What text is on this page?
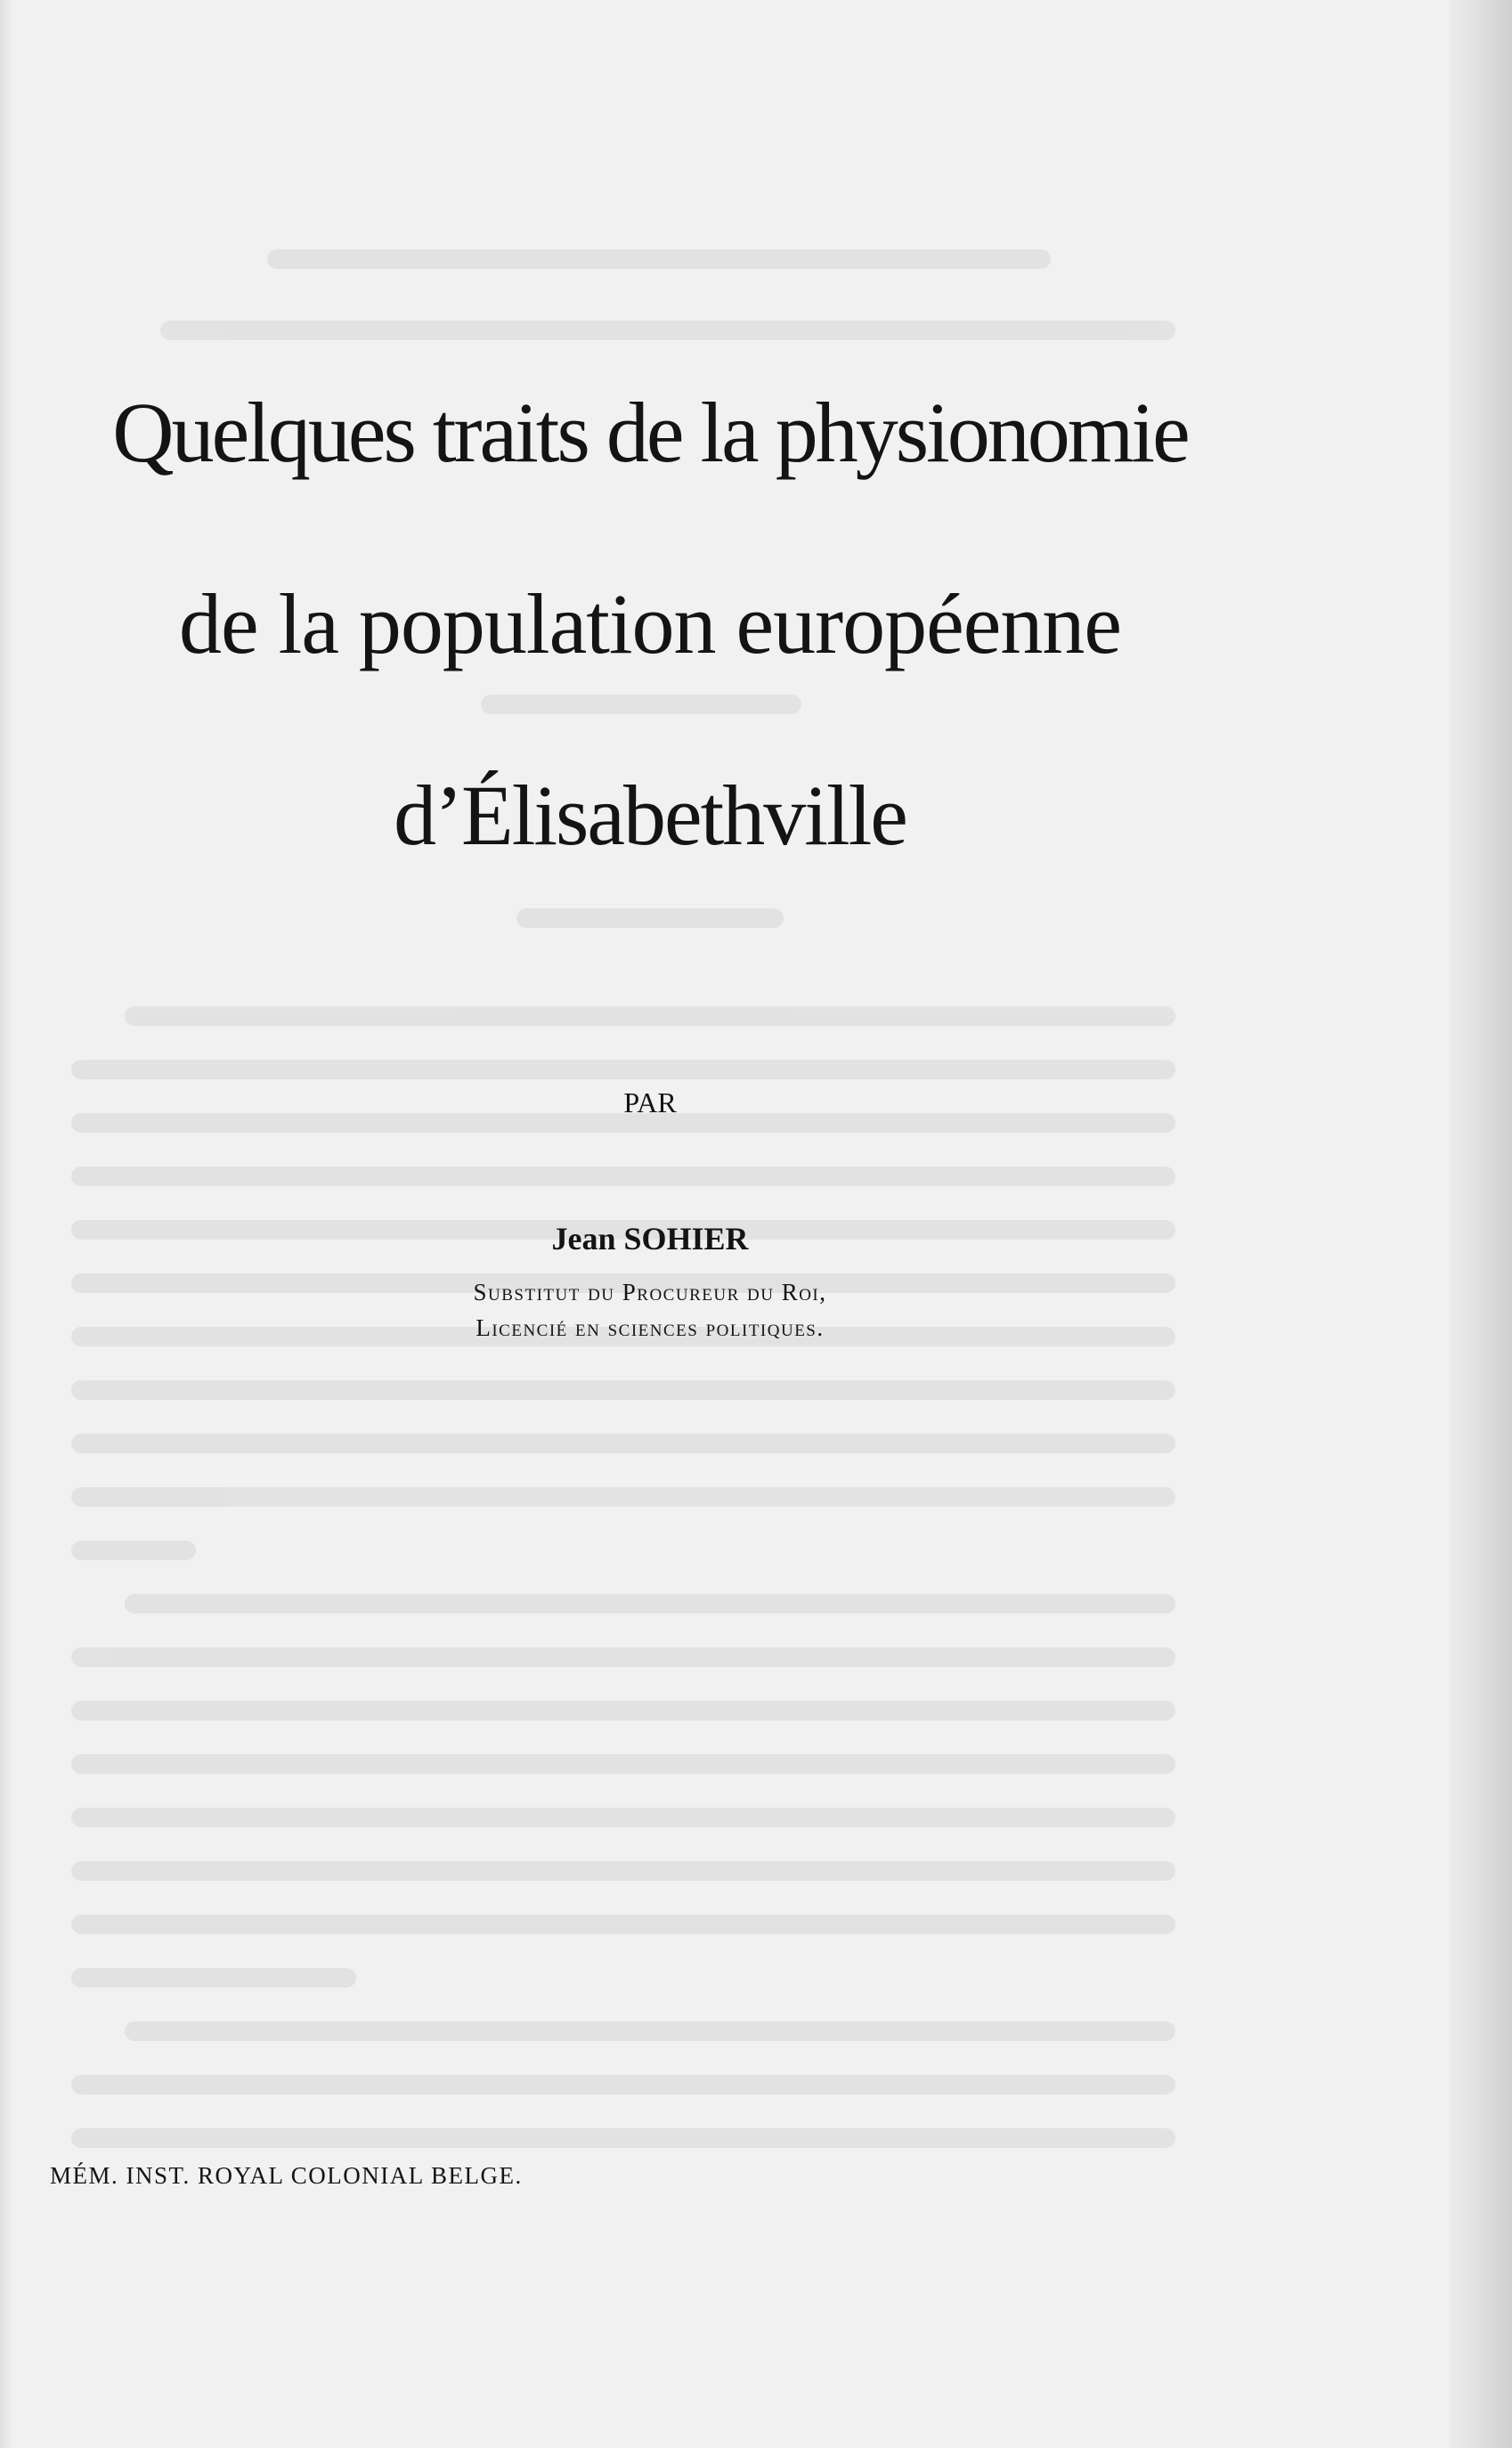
Quelques traits de la physionomie
de la population européenne
d’Élisabethville

PAR

Jean SOHIER

Substitut du Procureur du Roi,

Licencié en sciences politiques.

MÉM. INST. ROYAL COLONIAL BELGE.
